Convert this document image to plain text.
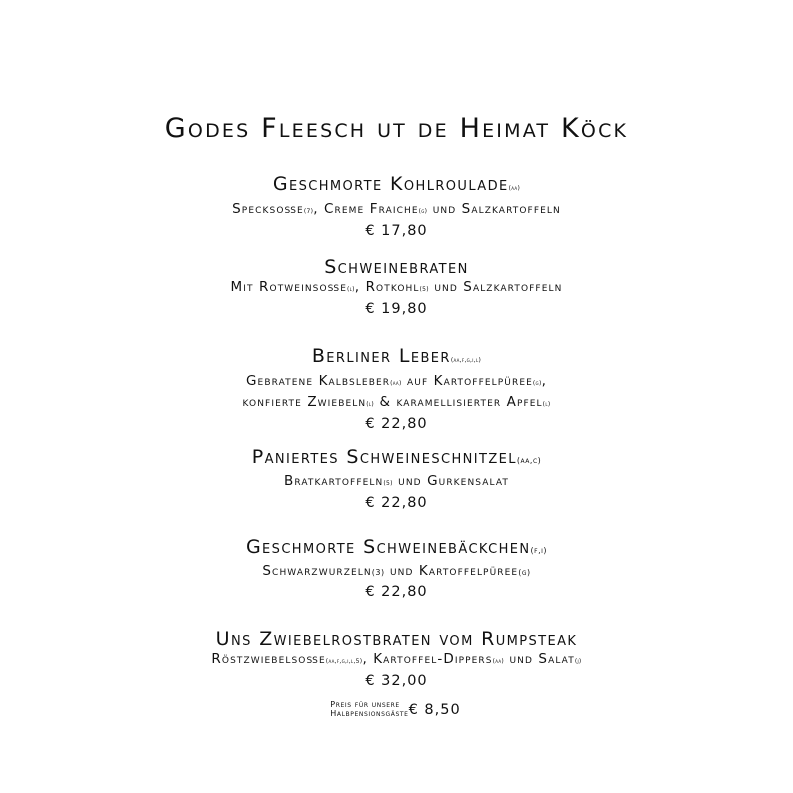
Godes Fleesch ut de Heimat Köck
Geschmorte Kohlroulade(aa)
Specksoße(7), Creme Fraiche(g) und Salzkartoffeln
€ 17,80
Schweinebraten
Mit Rotweinsoße(l), Rotkohl(5) und Salzkartoffeln
€ 19,80
Berliner Leber(aa,f,g,i,l)
Gebratene Kalbsleber(aa) auf Kartoffelpüree(g),
konfierte Zwiebeln(l) & karamellisierter Apfel(l)
€ 22,80
Paniertes Schweineschnitzel(aa,c)
Bratkartoffeln(5) und Gurkensalat
€ 22,80
Geschmorte Schweinebäckchen(f,i)
Schwarzwurzeln(3) und Kartoffelpüree(g)
€ 22,80
Uns Zwiebelrostbraten vom Rumpsteak
Röstzwiebelsoße(aa,f,g,i,l,5), Kartoffel-Dippers(aa) und Salat(j)
€ 32,00
Preis für unsere
Halbpensionsgäste € 8,50
